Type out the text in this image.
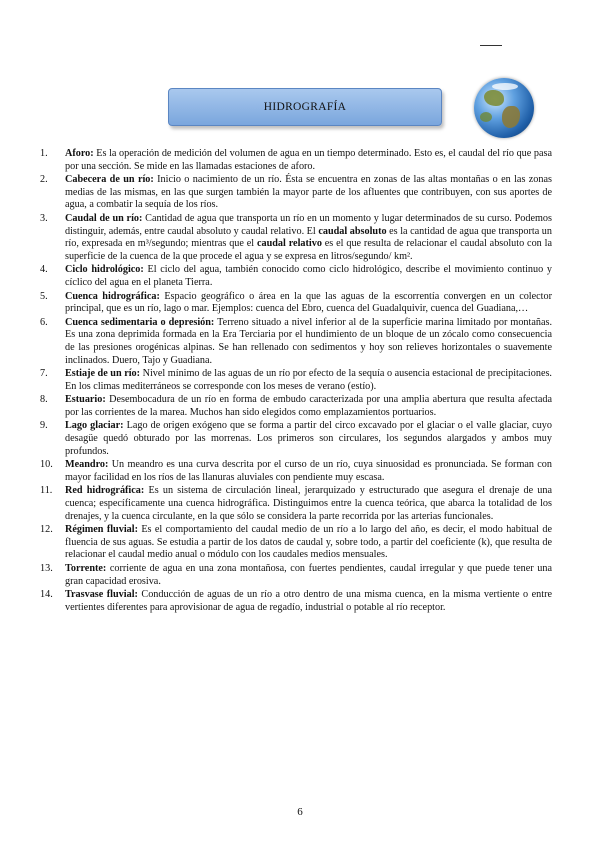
HIDROGRAFÍA
1.	Aforo: Es la operación de medición del volumen de agua en un tiempo determinado. Esto es, el caudal del río que pasa por una sección. Se mide en las llamadas estaciones de aforo.
2.	Cabecera de un río: Inicio o nacimiento de un río. Ésta se encuentra en zonas de las altas montañas o en las zonas medias de las mismas, en las que surgen también la mayor parte de los afluentes que contribuyen, con sus aportes de agua, a combatir la sequía de los ríos.
3.	Caudal de un río: Cantidad de agua que transporta un río en un momento y lugar determinados de su curso. Podemos distinguir, además, entre caudal absoluto y caudal relativo. El caudal absoluto es la cantidad de agua que transporta un río, expresada en m³/segundo; mientras que el caudal relativo es el que resulta de relacionar el caudal absoluto con la superficie de la cuenca de la que procede el agua y se expresa en litros/segundo/ km².
4.	Ciclo hidrológico: El ciclo del agua, también conocido como ciclo hidrológico, describe el movimiento continuo y cíclico del agua en el planeta Tierra.
5.	Cuenca hidrográfica: Espacio geográfico o área en la que las aguas de la escorrentía convergen en un colector principal, que es un río, lago o mar. Ejemplos: cuenca del Ebro, cuenca del Guadalquivir, cuenca del Guadiana,…
6.	Cuenca sedimentaria o depresión: Terreno situado a nivel inferior al de la superficie marina limitado por montañas. Es una zona deprimida formada en la Era Terciaria por el hundimiento de un bloque de un zócalo como consecuencia de las presiones orogénicas alpinas. Se han rellenado con sedimentos y hoy son relieves horizontales o suavemente inclinados. Duero, Tajo y Guadiana.
7.	Estiaje de un río: Nivel mínimo de las aguas de un río por efecto de la sequía o ausencia estacional de precipitaciones. En los climas mediterráneos se corresponde con los meses de verano (estío).
8.	Estuario: Desembocadura de un río en forma de embudo caracterizada por una amplia abertura que resulta afectada por las corrientes de la marea. Muchos han sido elegidos como emplazamientos portuarios.
9.	Lago glaciar: Lago de origen exógeno que se forma a partir del circo excavado por el glaciar o el valle glaciar, cuyo desagüe quedó obturado por las morrenas. Los primeros son circulares, los segundos alargados y ambos muy profundos.
10.	Meandro: Un meandro es una curva descrita por el curso de un río, cuya sinuosidad es pronunciada. Se forman con mayor facilidad en los ríos de las llanuras aluviales con pendiente muy escasa.
11.	Red hidrográfica: Es un sistema de circulación lineal, jerarquizado y estructurado que asegura el drenaje de una cuenca; específicamente una cuenca hidrográfica. Distinguimos entre la cuenca teórica, que abarca la totalidad de los drenajes, y la cuenca circulante, en la que sólo se considera la parte recorrida por las arterias funcionales.
12.	Régimen fluvial: Es el comportamiento del caudal medio de un río a lo largo del año, es decir, el modo habitual de fluencia de sus aguas. Se estudia a partir de los datos de caudal y, sobre todo, a partir del coeficiente (k), que resulta de relacionar el caudal medio anual o módulo con los caudales medios mensuales.
13.	Torrente: corriente de agua en una zona montañosa, con fuertes pendientes, caudal irregular y que puede tener una gran capacidad erosiva.
14.	Trasvase fluvial: Conducción de aguas de un río a otro dentro de una misma cuenca, en la misma vertiente o entre vertientes diferentes para aprovisionar de agua de regadío, industrial o potable al río receptor.
6
